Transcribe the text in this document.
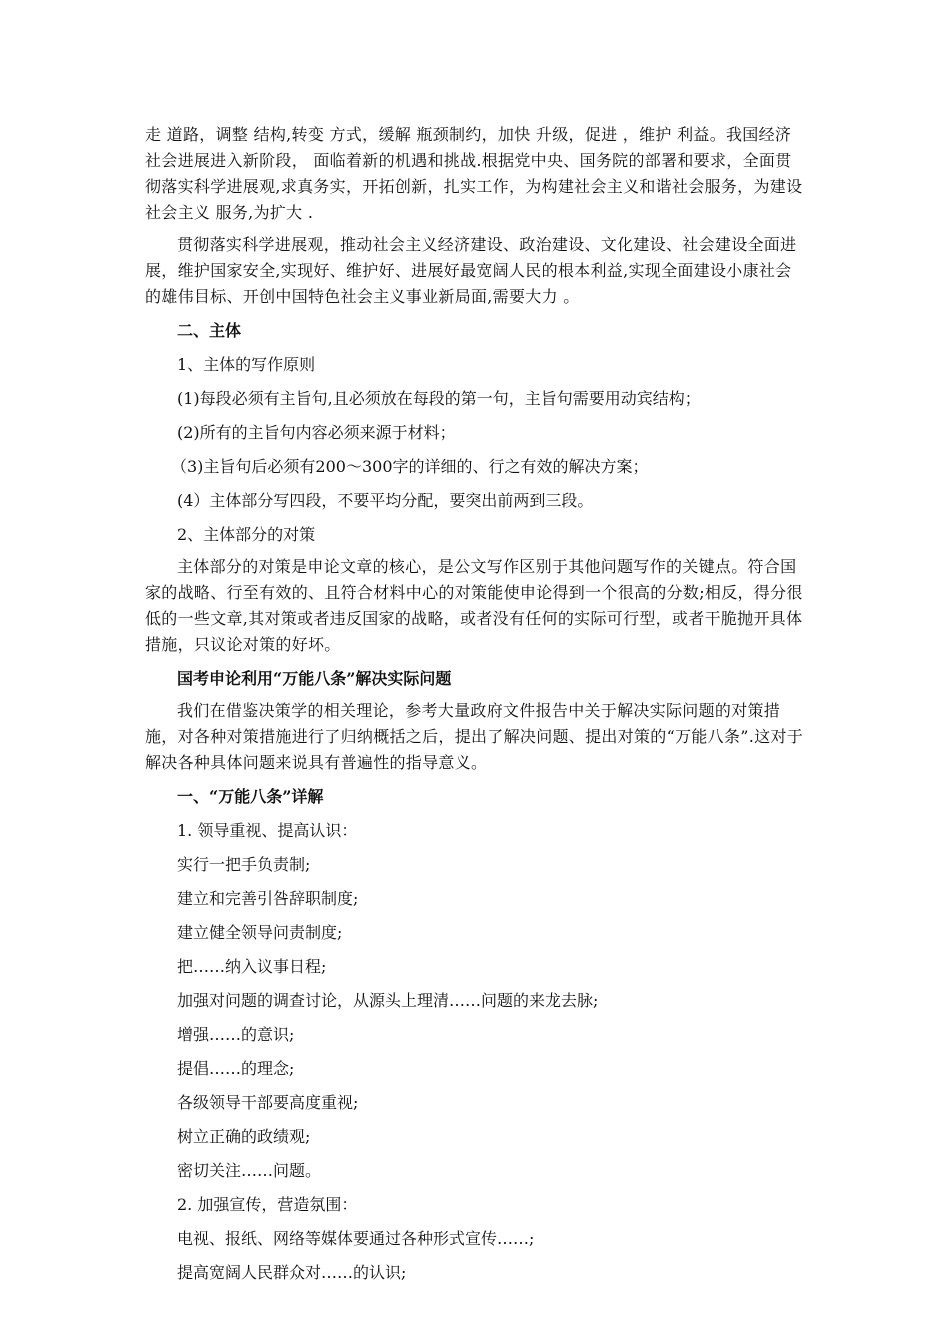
走 道路，调整 结构,转变 方式，缓解 瓶颈制约，加快 升级，促进 ，维护 利益。我国经济社会进展进入新阶段， 面临着新的机遇和挑战.根据党中央、国务院的部署和要求，全面贯彻落实科学进展观,求真务实，开拓创新，扎实工作，为构建社会主义和谐社会服务，为建设社会主义 服务,为扩大 .

贯彻落实科学进展观，推动社会主义经济建设、政治建设、文化建设、社会建设全面进展，维护国家安全,实现好、维护好、进展好最宽阔人民的根本利益,实现全面建设小康社会的雄伟目标、开创中国特色社会主义事业新局面,需要大力 。

二、主体

1、主体的写作原则

(1)每段必须有主旨句,且必须放在每段的第一句，主旨句需要用动宾结构；

(2)所有的主旨句内容必须来源于材料；

（3)主旨句后必须有200～300字的详细的、行之有效的解决方案；

(4）主体部分写四段，不要平均分配，要突出前两到三段。

2、主体部分的对策

主体部分的对策是申论文章的核心，是公文写作区别于其他问题写作的关键点。符合国家的战略、行至有效的、且符合材料中心的对策能使申论得到一个很高的分数;相反，得分很低的一些文章,其对策或者违反国家的战略，或者没有任何的实际可行型，或者干脆抛开具体措施，只议论对策的好坏。

国考申论利用“万能八条”解决实际问题

我们在借鉴决策学的相关理论，参考大量政府文件报告中关于解决实际问题的对策措施，对各种对策措施进行了归纳概括之后，提出了解决问题、提出对策的“万能八条”.这对于解决各种具体问题来说具有普遍性的指导意义。

一、“万能八条”详解

1. 领导重视、提高认识：

实行一把手负责制;

建立和完善引咎辞职制度;

建立健全领导问责制度;

把……纳入议事日程;

加强对问题的调查讨论，从源头上理清……问题的来龙去脉;

增强……的意识;

提倡……的理念;

各级领导干部要高度重视;

树立正确的政绩观;

密切关注……问题。

2. 加强宣传，营造氛围：

电视、报纸、网络等媒体要通过各种形式宣传……;

提高宽阔人民群众对……的认识;
